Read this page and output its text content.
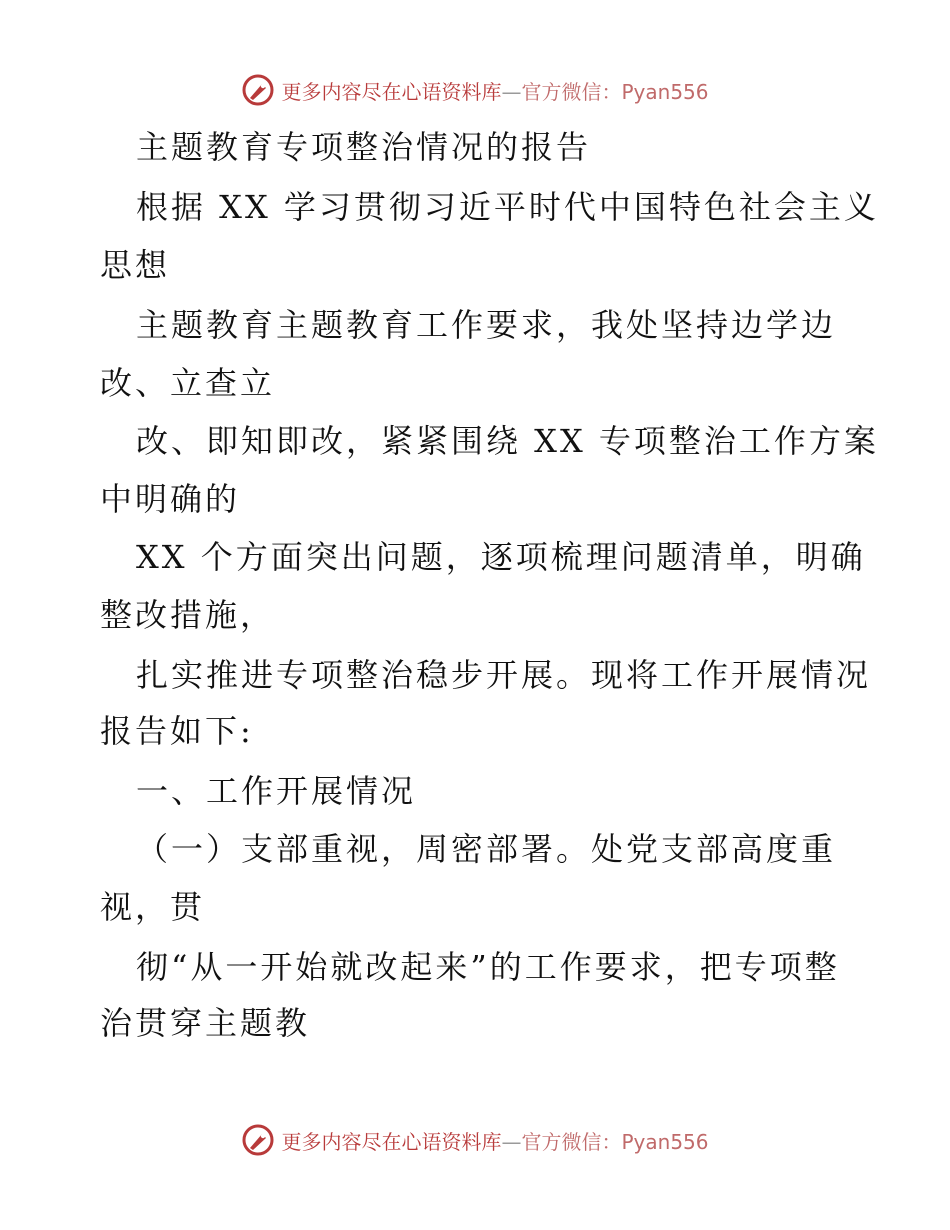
更多内容尽在心语资料库—官方微信：Pyan556
主题教育专项整治情况的报告
根据 XX 学习贯彻习近平时代中国特色社会主义
思想
主题教育主题教育工作要求，我处坚持边学边
改、立查立
改、即知即改，紧紧围绕 XX 专项整治工作方案
中明确的
XX 个方面突出问题，逐项梳理问题清单，明确
整改措施，
扎实推进专项整治稳步开展。现将工作开展情况
报告如下:
一、工作开展情况
（一）支部重视，周密部署。处党支部高度重
视，贯
彻“从一开始就改起来”的工作要求，把专项整
治贯穿主题教
更多内容尽在心语资料库—官方微信：Pyan556
